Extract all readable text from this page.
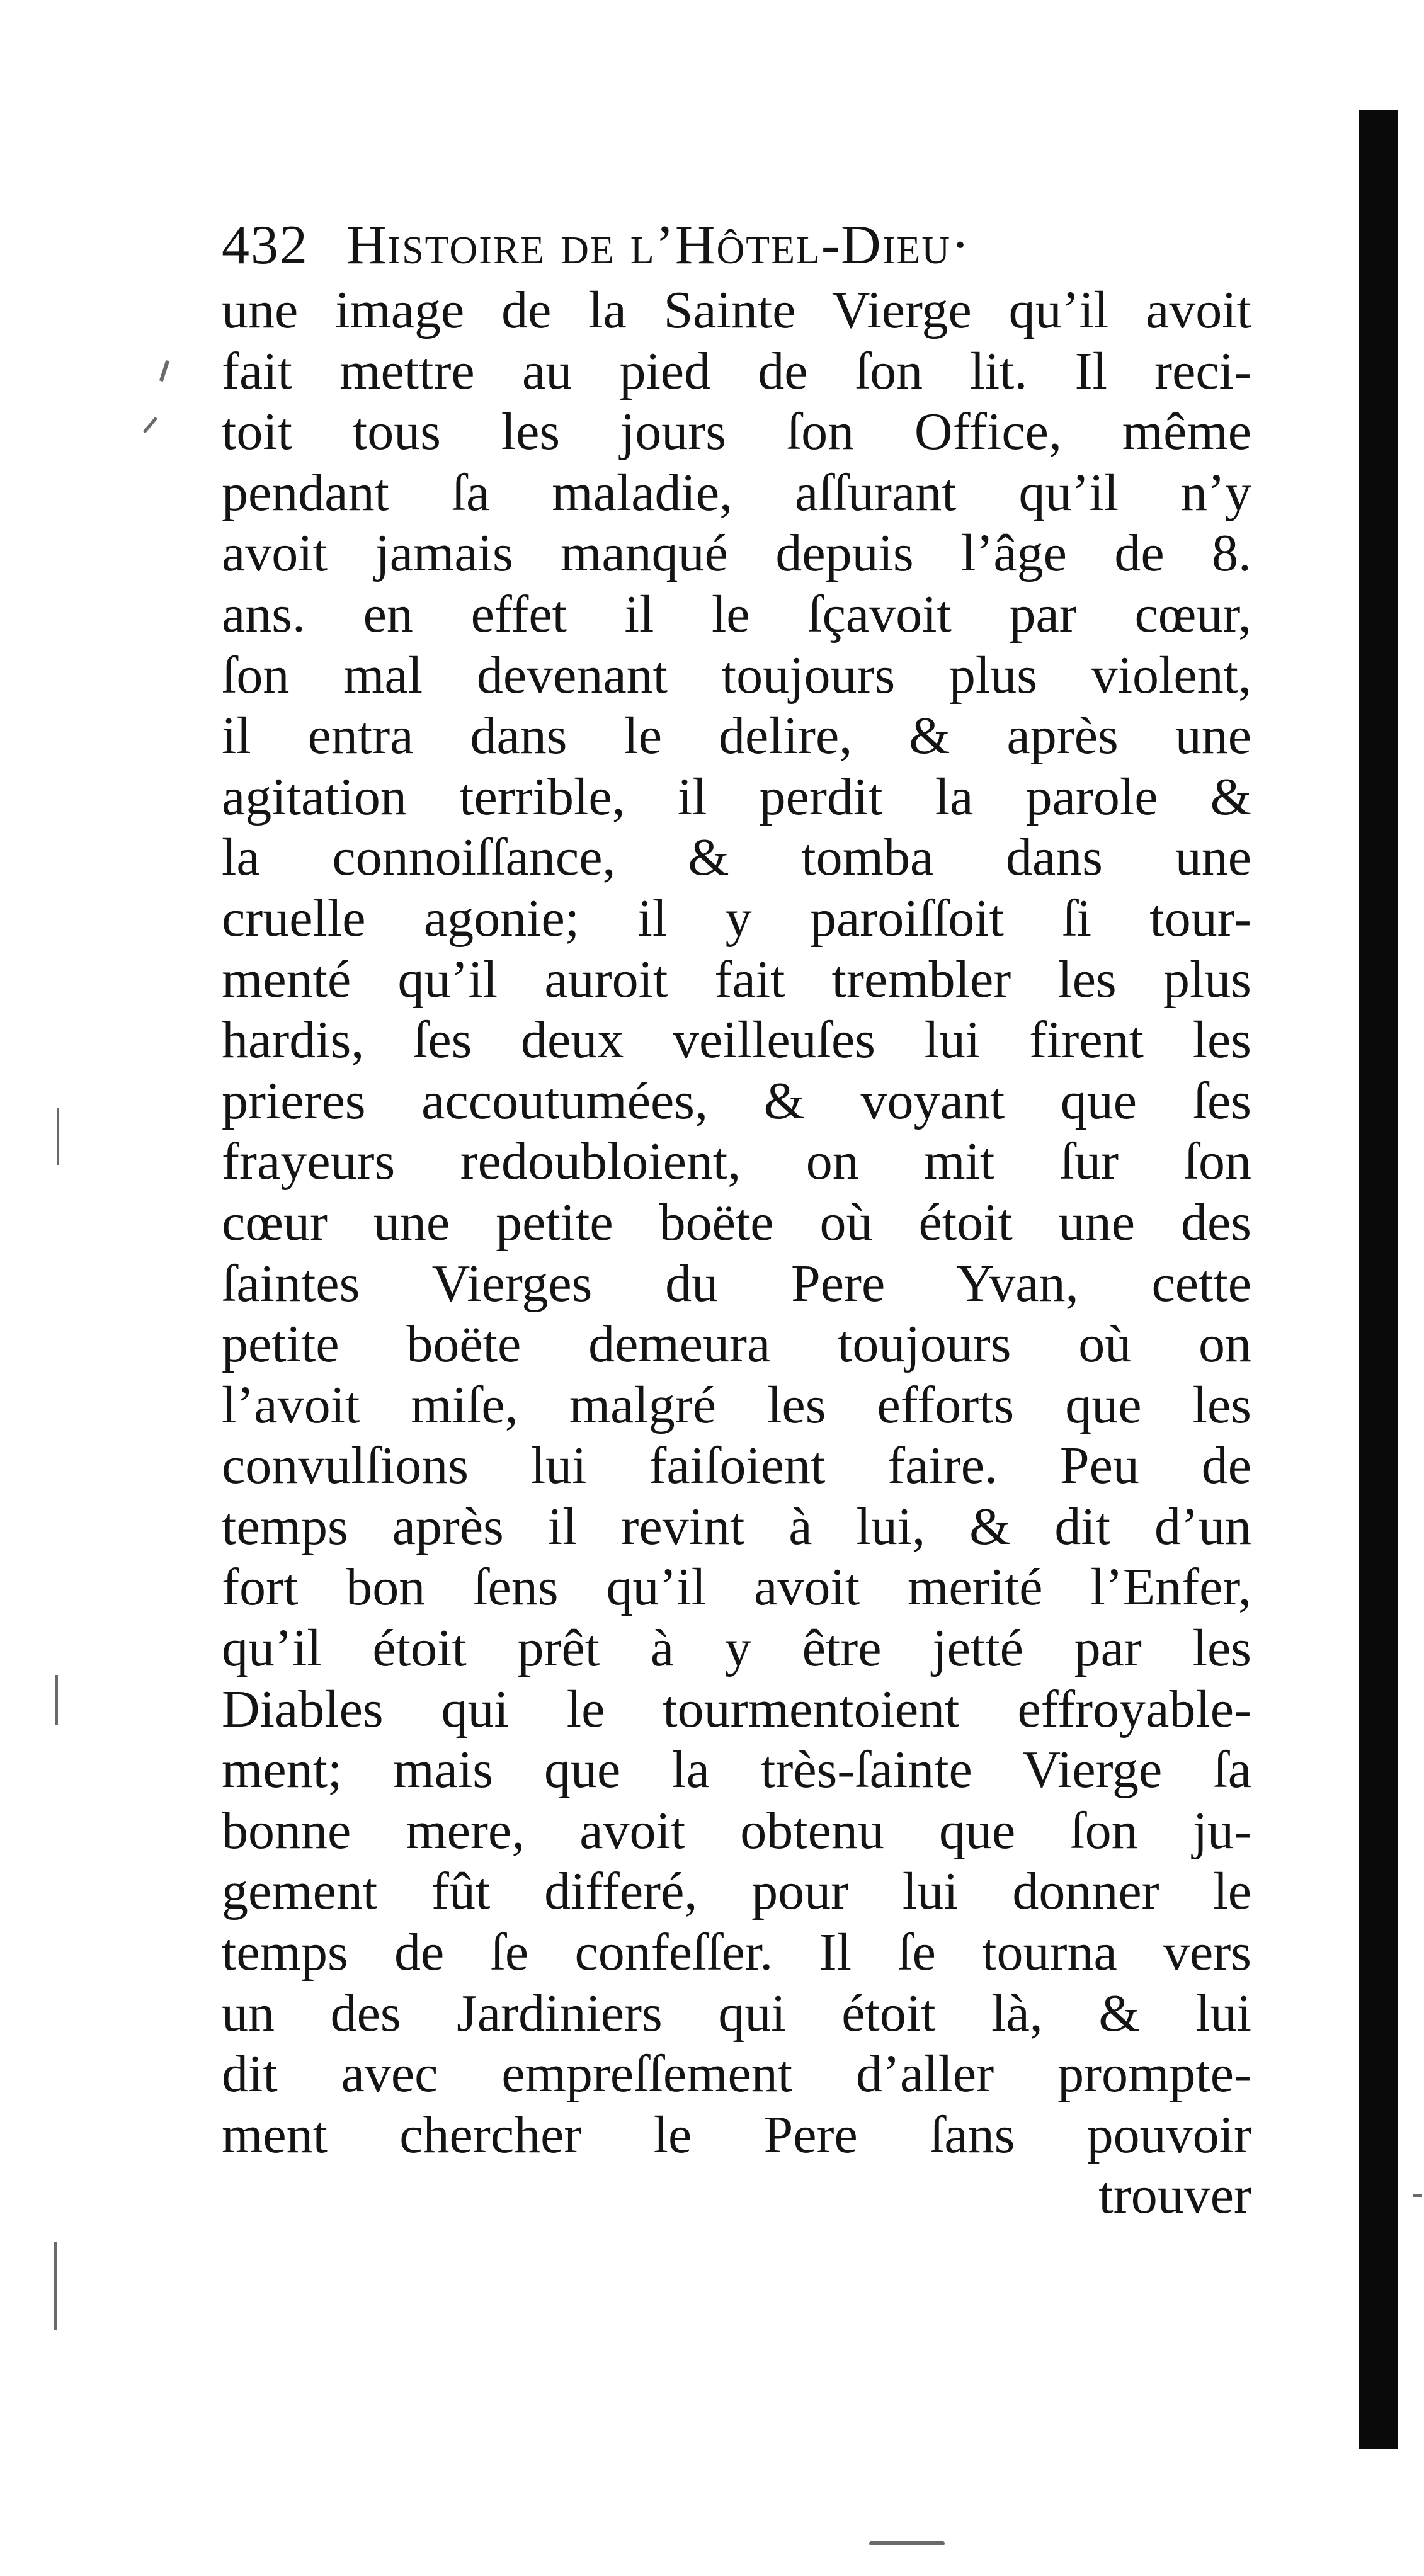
432 Histoire de l’Hôtel-Dieu·
une image de la Sainte Vierge qu’il avoit
fait mettre au pied de ſon lit. Il reci-
toit tous les jours ſon Office, même
pendant ſa maladie, aſſurant qu’il n’y
avoit jamais manqué depuis l’âge de 8.
ans. en effet il le ſçavoit par cœur,
ſon mal devenant toujours plus violent,
il entra dans le delire, & après une
agitation terrible, il perdit la parole &
la connoiſſance, & tomba dans une
cruelle agonie; il y paroiſſoit ſi tour-
menté qu’il auroit fait trembler les plus
hardis, ſes deux veilleuſes lui firent les
prieres accoutumées, & voyant que ſes
frayeurs redoubloient, on mit ſur ſon
cœur une petite boëte où étoit une des
ſaintes Vierges du Pere Yvan, cette
petite boëte demeura toujours où on
l’avoit miſe, malgré les efforts que les
convulſions lui faiſoient faire. Peu de
temps après il revint à lui, & dit d’un
fort bon ſens qu’il avoit merité l’Enfer,
qu’il étoit prêt à y être jetté par les
Diables qui le tourmentoient effroyable-
ment; mais que la très-ſainte Vierge ſa
bonne mere, avoit obtenu que ſon ju-
gement fût differé, pour lui donner le
temps de ſe confeſſer. Il ſe tourna vers
un des Jardiniers qui étoit là, & lui
dit avec empreſſement d’aller prompte-
ment chercher le Pere ſans pouvoir
trouver
